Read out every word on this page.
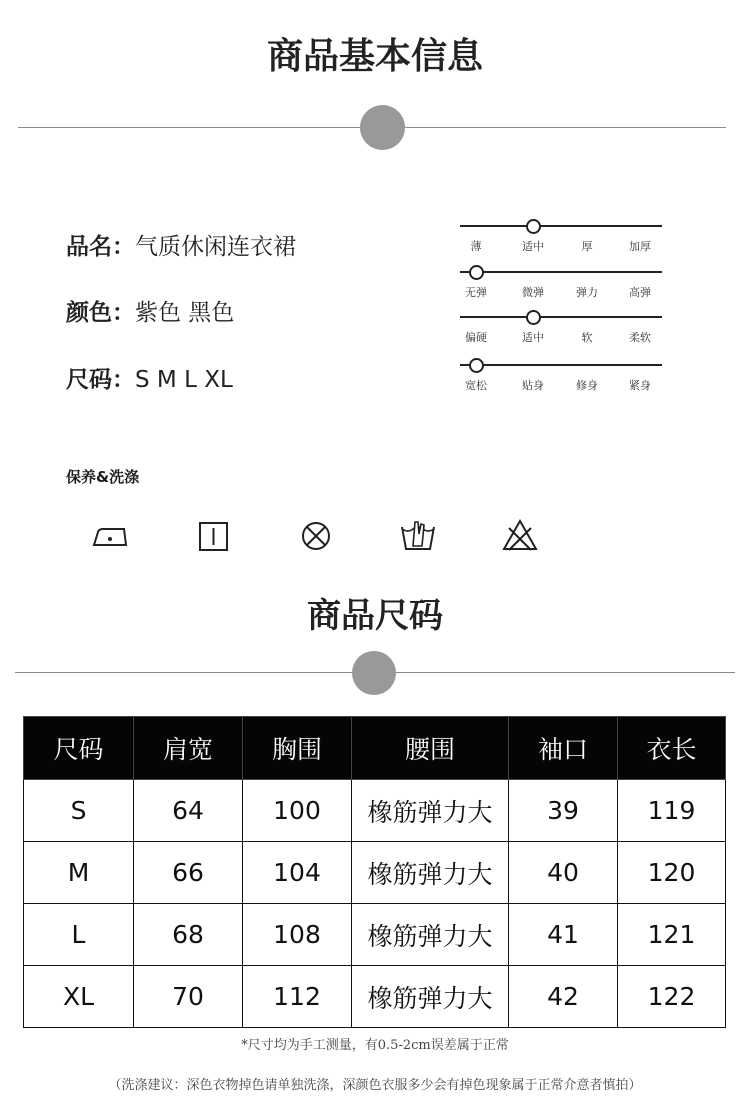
商品基本信息
品名：气质休闲连衣裙
颜色：紫色 黑色
尺码：S M L XL
薄	适中	厚	加厚
无弹	微弹	弹力	高弹
偏硬	适中	软	柔软
宽松	贴身	修身	紧身
保养&洗涤
商品尺码
尺码	肩宽	胸围	腰围	袖口	衣长
S	64	100	橡筋弹力大	39	119
M	66	104	橡筋弹力大	40	120
L	68	108	橡筋弹力大	41	121
XL	70	112	橡筋弹力大	42	122
*尺寸均为手工测量，有0.5-2cm误差属于正常
（洗涤建议：深色衣物掉色请单独洗涤，深颜色衣服多少会有掉色现象属于正常介意者慎拍）
